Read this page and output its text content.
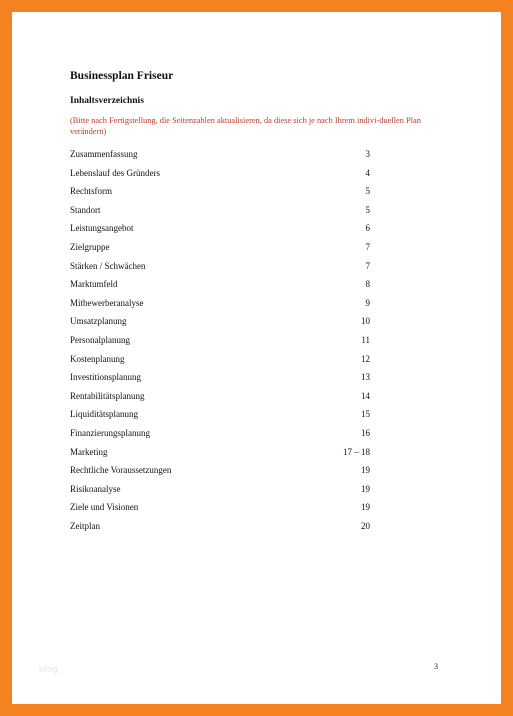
Businessplan Friseur
Inhaltsverzeichnis

(Bitte nach Fertigstellung, die Seitenzahlen aktualisieren, da diese sich je nach Ihrem indivi-duellen Plan verändern)

Zusammenfassung	3
Lebenslauf des Gründers	4
Rechtsform	5
Standort	5
Leistungsangebot	6
Zielgruppe	7
Stärken / Schwächen	7
Marktumfeld	8
Mitbewerberanalyse	9
Umsatzplanung	10
Personalplanung	11
Kostenplanung	12
Investitionsplanung	13
Rentabilitätsplanung	14
Liquiditätsplanung	15
Finanzierungsplanung	16
Marketing	17 – 18
Rechtliche Voraussetzungen	19
Risikoanalyse	19
Ziele und Visionen	19
Zeitplan	20
blog	3
